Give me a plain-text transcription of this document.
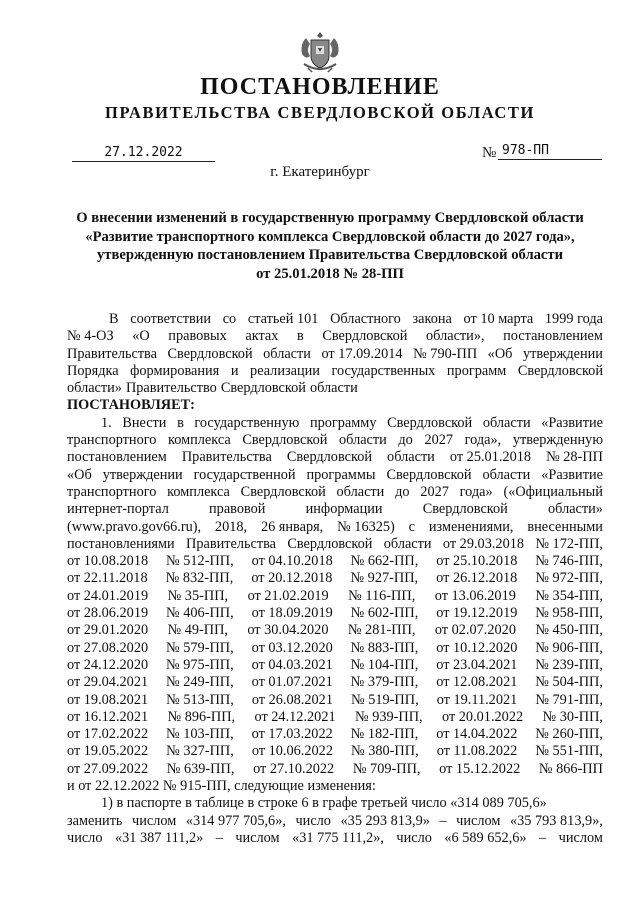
ПОСТАНОВЛЕНИЕ
ПРАВИТЕЛЬСТВА СВЕРДЛОВСКОЙ ОБЛАСТИ
27.12.2022	№ 978-ПП
г. Екатеринбург
О внесении изменений в государственную программу Свердловской области
«Развитие транспортного комплекса Свердловской области до 2027 года»,
утвержденную постановлением Правительства Свердловской области
от 25.01.2018 № 28-ПП
В соответствии со статьей 101 Областного закона от 10 марта 1999 года
№ 4-ОЗ «О правовых актах в Свердловской области», постановлением
Правительства Свердловской области от 17.09.2014 № 790-ПП «Об утверждении
Порядка формирования и реализации государственных программ Свердловской
области» Правительство Свердловской области
ПОСТАНОВЛЯЕТ:
1. Внести в государственную программу Свердловской области «Развитие
транспортного комплекса Свердловской области до 2027 года», утвержденную
постановлением Правительства Свердловской области от 25.01.2018 № 28-ПП
«Об утверждении государственной программы Свердловской области «Развитие
транспортного комплекса Свердловской области до 2027 года» («Официальный
интернет-портал	правовой	информации	Свердловской	области»
(www.pravo.gov66.ru), 2018, 26 января, № 16325) с изменениями, внесенными
постановлениями Правительства Свердловской области от 29.03.2018 № 172-ПП,
от 10.08.2018 № 512-ПП, от 04.10.2018 № 662-ПП, от 25.10.2018 № 746-ПП,
от 22.11.2018 № 832-ПП, от 20.12.2018 № 927-ПП, от 26.12.2018 № 972-ПП,
от 24.01.2019 № 35-ПП, от 21.02.2019 № 116-ПП, от 13.06.2019 № 354-ПП,
от 28.06.2019 № 406-ПП, от 18.09.2019 № 602-ПП, от 19.12.2019 № 958-ПП,
от 29.01.2020 № 49-ПП, от 30.04.2020 № 281-ПП, от 02.07.2020 № 450-ПП,
от 27.08.2020 № 579-ПП, от 03.12.2020 № 883-ПП, от 10.12.2020 № 906-ПП,
от 24.12.2020 № 975-ПП, от 04.03.2021 № 104-ПП, от 23.04.2021 № 239-ПП,
от 29.04.2021 № 249-ПП, от 01.07.2021 № 379-ПП, от 12.08.2021 № 504-ПП,
от 19.08.2021 № 513-ПП, от 26.08.2021 № 519-ПП, от 19.11.2021 № 791-ПП,
от 16.12.2021 № 896-ПП, от 24.12.2021 № 939-ПП, от 20.01.2022 № 30-ПП,
от 17.02.2022 № 103-ПП, от 17.03.2022 № 182-ПП, от 14.04.2022 № 260-ПП,
от 19.05.2022 № 327-ПП, от 10.06.2022 № 380-ПП, от 11.08.2022 № 551-ПП,
от 27.09.2022 № 639-ПП, от 27.10.2022 № 709-ПП, от 15.12.2022 № 866-ПП
и от 22.12.2022 № 915-ПП, следующие изменения:
1) в паспорте в таблице в строке 6 в графе третьей число «314 089 705,6»
заменить числом «314 977 705,6», число «35 293 813,9» – числом «35 793 813,9»,
число «31 387 111,2» – числом «31 775 111,2», число «6 589 652,6» – числом
